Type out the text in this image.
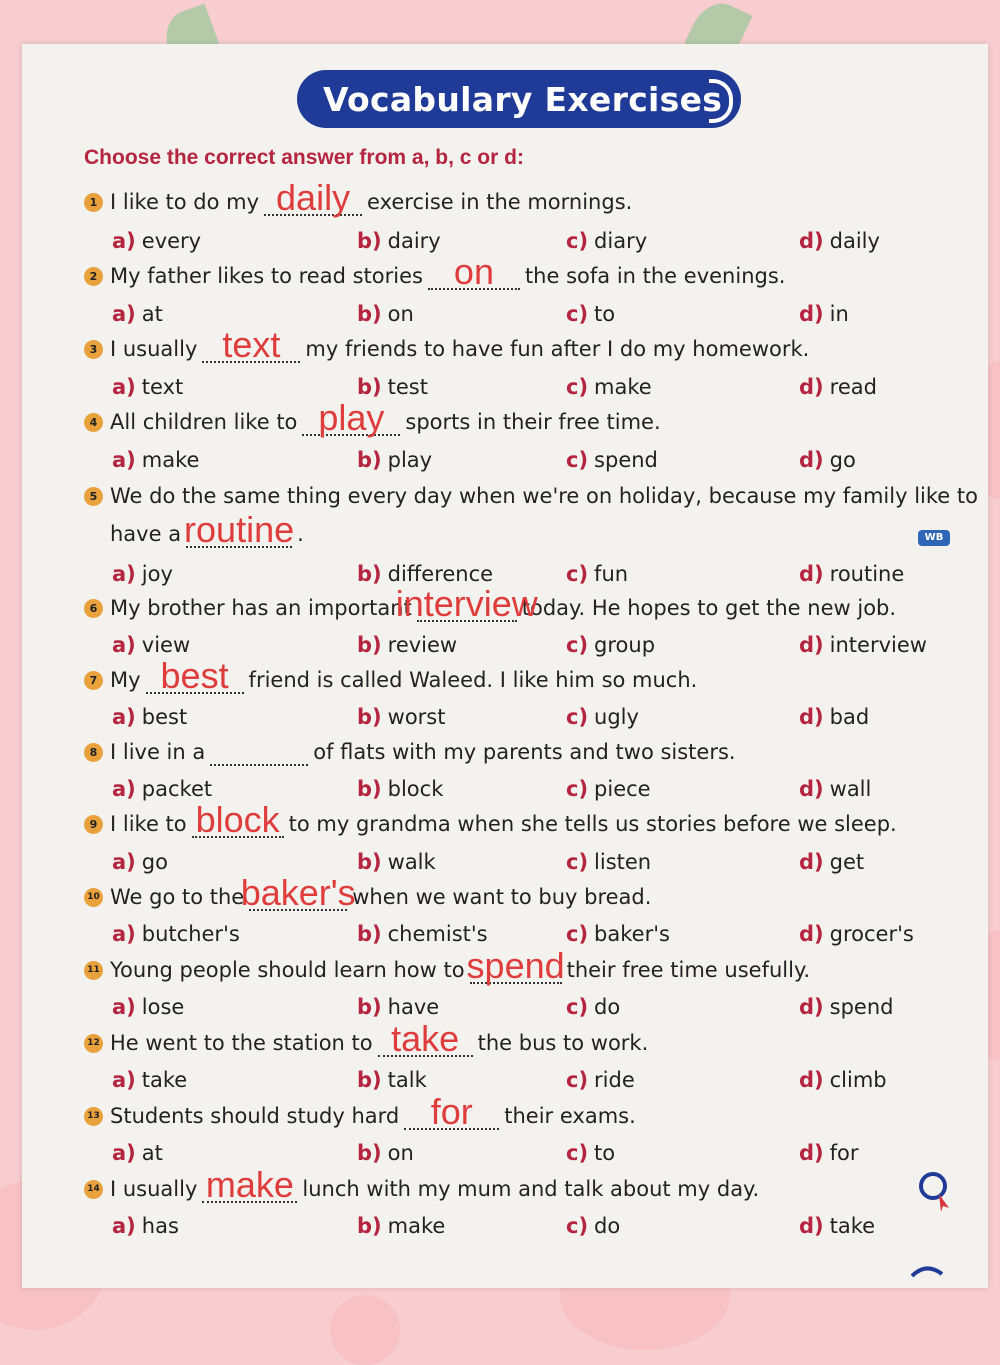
Vocabulary Exercises
Choose the correct answer from a, b, c or d:
1 I like to do my daily exercise in the mornings.
a) every	b) dairy	c) diary	d) daily
2 My father likes to read stories on the sofa in the evenings.
a) at	b) on	c) to	d) in
3 I usually text my friends to have fun after I do my homework.
a) text	b) test	c) make	d) read
4 All children like to play sports in their free time.
a) make	b) play	c) spend	d) go
5 We do the same thing every day when we're on holiday, because my family like to
have a routine .
a) joy	b) difference	c) fun	d) routine
6 My brother has an important
interview
today. He hopes to get the new job.
a) view	b) review	c) group	d) interview
7 My best friend is called Waleed. I like him so much.
a) best	b) worst	c) ugly	d) bad
8 I live in a	of flats with my parents and two sisters.
a) packet	b) block	c) piece	d) wall
9 I like to block to my grandma when she tells us stories before we sleep.
a) go	b) walk	c) listen	d) get
10 We go to the
baker's
when we want to buy bread.
a) butcher's	b) chemist's	c) baker's	d) grocer's
11 Young people should learn how to spend their free time usefully.
a) lose	b) have	c) do	d) spend
12 He went to the station to take the bus to work.
a) take	b) talk	c) ride	d) climb
13 Students should study hard for their exams.
a) at	b) on	c) to	d) for
14 I usually make lunch with my mum and talk about my day.
a) has	b) make	c) do	d) take
WB
